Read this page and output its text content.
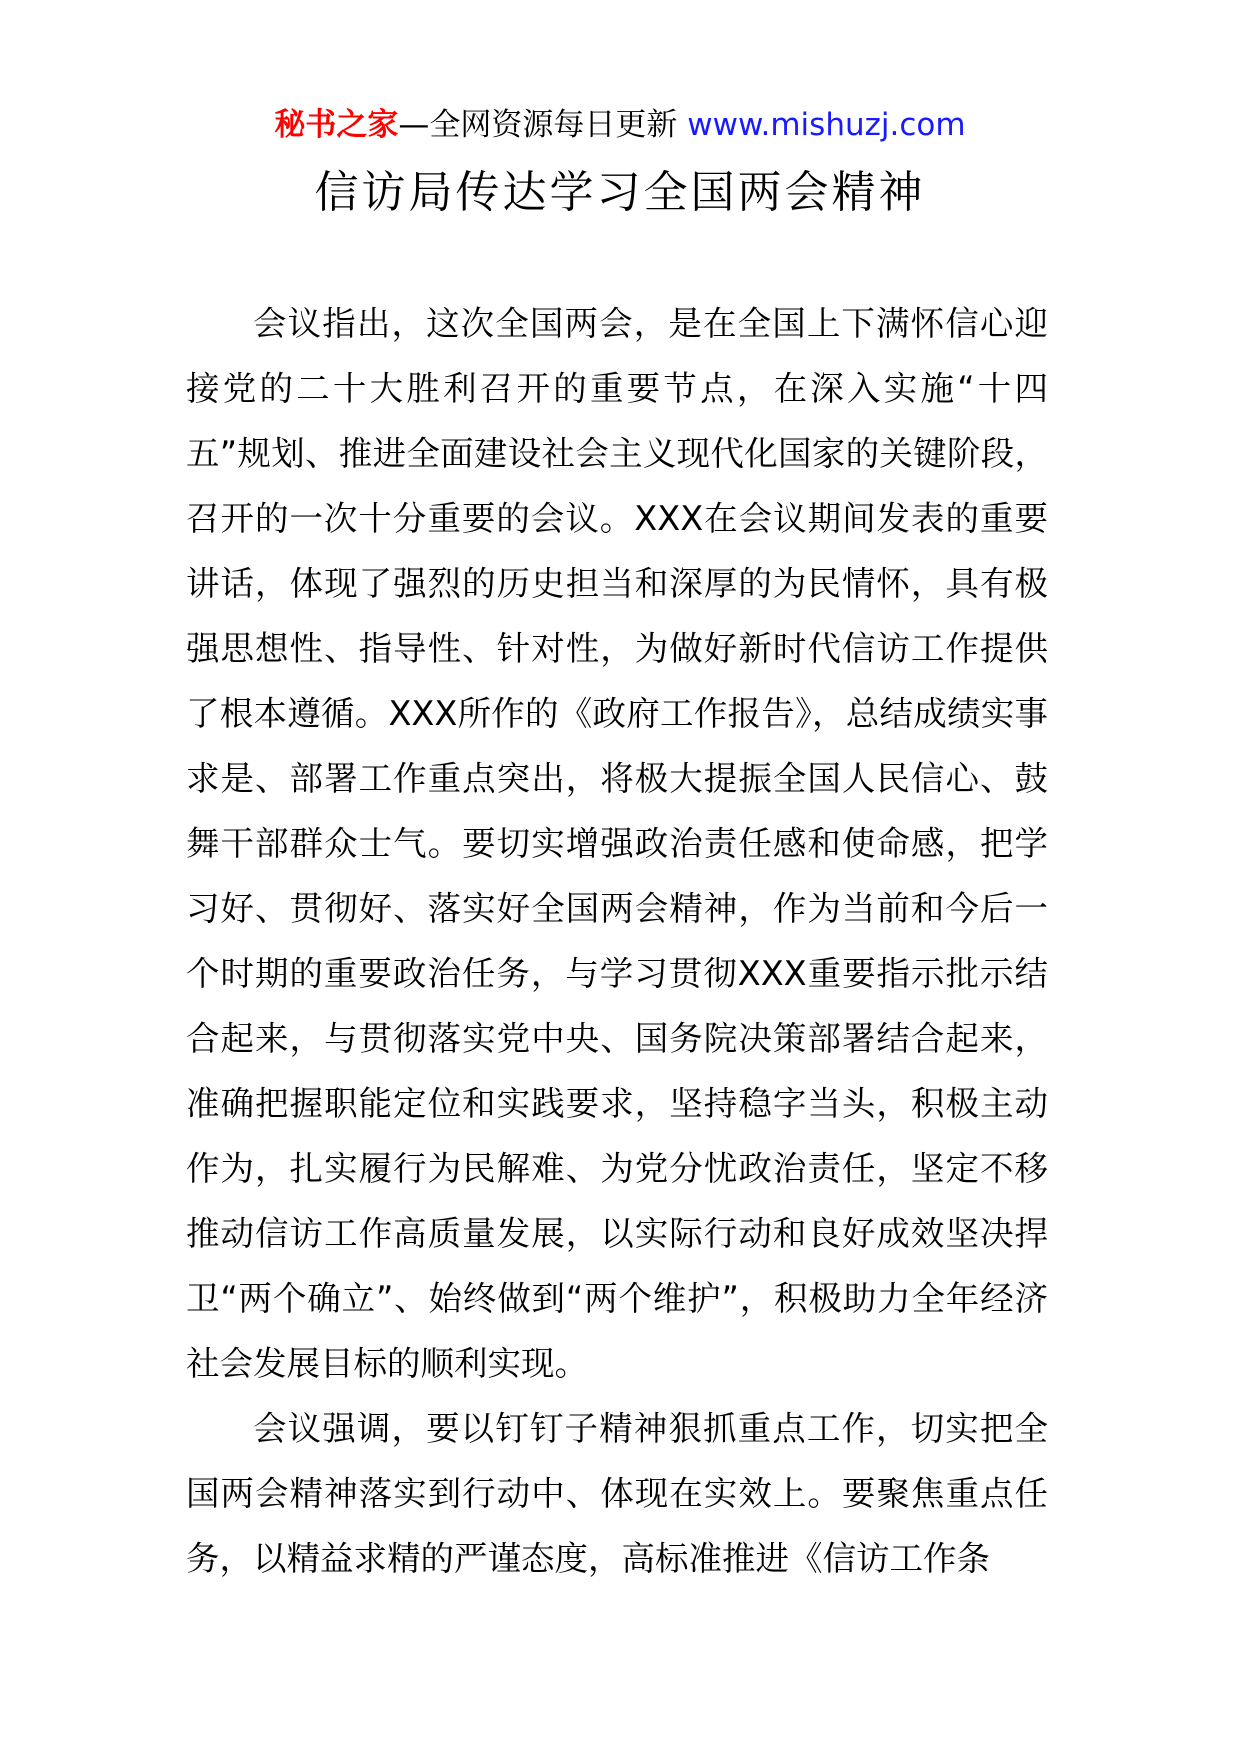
秘书之家—全网资源每日更新 www.mishuzj.com
信访局传达学习全国两会精神

会议指出，这次全国两会，是在全国上下满怀信心迎接党的二十大胜利召开的重要节点，在深入实施“十四五”规划、推进全面建设社会主义现代化国家的关键阶段，召开的一次十分重要的会议。XXX在会议期间发表的重要讲话，体现了强烈的历史担当和深厚的为民情怀，具有极强思想性、指导性、针对性，为做好新时代信访工作提供了根本遵循。XXX所作的《政府工作报告》，总结成绩实事求是、部署工作重点突出，将极大提振全国人民信心、鼓舞干部群众士气。要切实增强政治责任感和使命感，把学习好、贯彻好、落实好全国两会精神，作为当前和今后一个时期的重要政治任务，与学习贯彻XXX重要指示批示结合起来，与贯彻落实党中央、国务院决策部署结合起来，准确把握职能定位和实践要求，坚持稳字当头，积极主动作为，扎实履行为民解难、为党分忧政治责任，坚定不移推动信访工作高质量发展，以实际行动和良好成效坚决捍卫“两个确立”、始终做到“两个维护”，积极助力全年经济社会发展目标的顺利实现。

会议强调，要以钉钉子精神狠抓重点工作，切实把全国两会精神落实到行动中、体现在实效上。要聚焦重点任务，以精益求精的严谨态度，高标准推进《信访工作条
